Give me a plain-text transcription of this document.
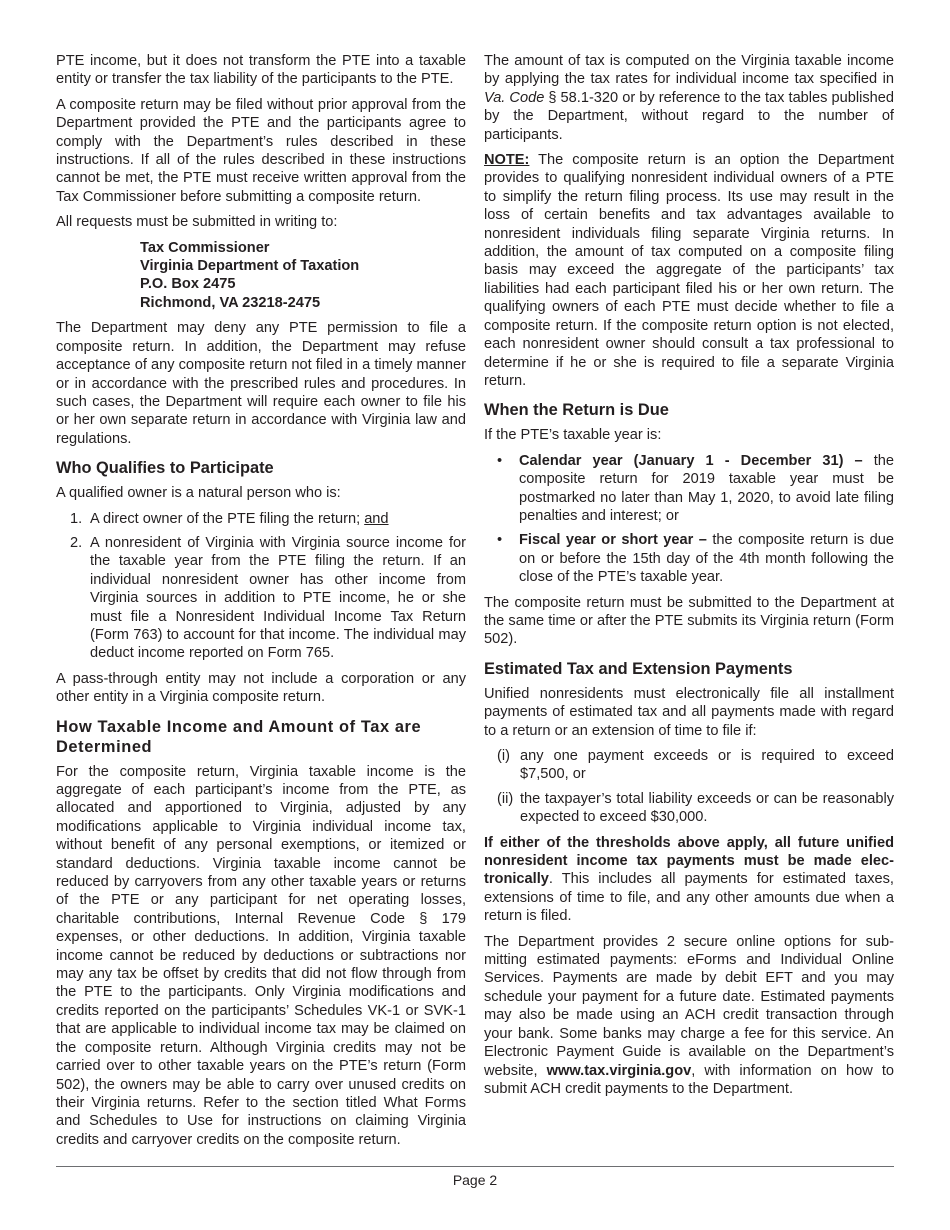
PTE income, but it does not transform the PTE into a taxable entity or transfer the tax liability of the participants to the PTE.

A composite return may be filed without prior approval from the Department provided the PTE and the participants agree to comply with the Department’s rules described in these instructions. If all of the rules described in these instructions cannot be met, the PTE must receive written approval from the Tax Commissioner before submitting a composite return.

All requests must be submitted in writing to:

Tax Commissioner
Virginia Department of Taxation
P.O. Box 2475
Richmond, VA 23218-2475

The Department may deny any PTE permission to file a composite return. In addition, the Department may refuse acceptance of any composite return not filed in a timely manner or in accordance with the prescribed rules and procedures. In such cases, the Department will require each owner to file his or her own separate return in accordance with Virginia law and regulations.

Who Qualifies to Participate

A qualified owner is a natural person who is:

1. A direct owner of the PTE filing the return; and
2. A nonresident of Virginia with Virginia source income for the taxable year from the PTE filing the return. If an individual nonresident owner has other income from Virginia sources in addition to PTE income, he or she must file a Nonresident Individual Income Tax Return (Form 763) to account for that income. The individual may deduct income reported on Form 765.

A pass-through entity may not include a corporation or any other entity in a Virginia composite return.

How Taxable Income and Amount of Tax are Determined

For the composite return, Virginia taxable income is the aggregate of each participant’s income from the PTE, as allocated and apportioned to Virginia, adjusted by any modifications applicable to Virginia individual income tax, without benefit of any personal exemptions, or itemized or standard deductions. Virginia taxable income cannot be reduced by carryovers from any other taxable years or returns of the PTE or any participant for net operating losses, charitable contributions, Internal Revenue Code § 179 expenses, or other deductions. In addition, Virginia taxable income cannot be reduced by deductions or subtractions nor may any tax be offset by credits that did not flow through from the PTE to the participants. Only Virginia modifications and credits reported on the participants’ Schedules VK-1 or SVK-1 that are applicable to individual income tax may be claimed on the composite return. Although Virginia credits may not be carried over to other taxable years on the PTE’s return (Form 502), the owners may be able to carry over unused credits on their Virginia returns. Refer to the section titled What Forms and Schedules to Use for instructions on claiming Virginia credits and carryover credits on the composite return.

The amount of tax is computed on the Virginia taxable income by applying the tax rates for individual income tax specified in Va. Code § 58.1-320 or by reference to the tax tables published by the Department, without regard to the number of participants.

NOTE: The composite return is an option the Department provides to qualifying nonresident individual owners of a PTE to simplify the return filing process. Its use may result in the loss of certain benefits and tax advantages available to nonresident individuals filing separate Virginia returns. In addition, the amount of tax computed on a composite filing basis may exceed the aggregate of the participants’ tax liabilities had each participant filed his or her own return. The qualifying owners of each PTE must decide whether to file a composite return. If the composite return option is not elected, each nonresident owner should consult a tax professional to determine if he or she is required to file a separate Virginia return.

When the Return is Due

If the PTE’s taxable year is:

• Calendar year (January 1 - December 31) – the composite return for 2019 taxable year must be postmarked no later than May 1, 2020, to avoid late filing penalties and interest; or
• Fiscal year or short year – the composite return is due on or before the 15th day of the 4th month following the close of the PTE’s taxable year.

The composite return must be submitted to the Department at the same time or after the PTE submits its Virginia return (Form 502).

Estimated Tax and Extension Payments

Unified nonresidents must electronically file all installment payments of estimated tax and all payments made with regard to a return or an extension of time to file if:

(i) any one payment exceeds or is required to exceed $7,500, or
(ii) the taxpayer’s total liability exceeds or can be reasonably expected to exceed $30,000.

If either of the thresholds above apply, all future unified nonresident income tax payments must be made elec-tronically. This includes all payments for estimated taxes, extensions of time to file, and any other amounts due when a return is filed.

The Department provides 2 secure online options for sub-mitting estimated payments: eForms and Individual Online Services. Payments are made by debit EFT and you may schedule your payment for a future date. Estimated payments may also be made using an ACH credit transaction through your bank. Some banks may charge a fee for this service. An Electronic Payment Guide is available on the Department’s website, www.tax.virginia.gov, with information on how to submit ACH credit payments to the Department.

Page 2
